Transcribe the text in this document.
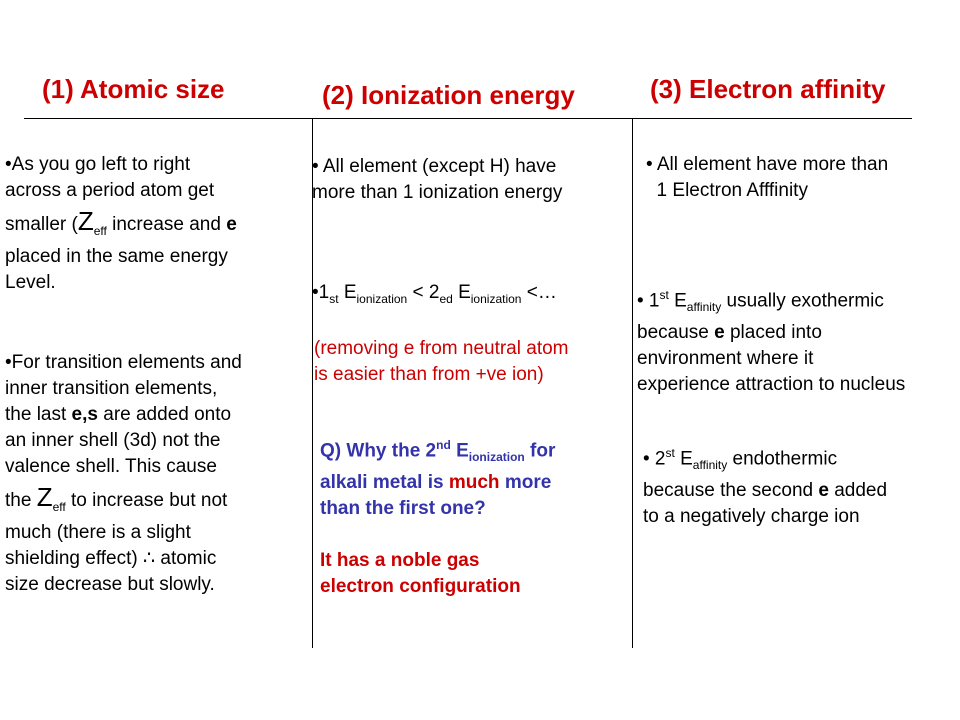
(1) Atomic size	(2) Ionization energy	(3) Electron affinity
•As you go left to right
across a period atom get
smaller ($Z_{eff}$ increase and e
placed in the same energy
Level.
•For transition elements and
inner transition elements,
the last e,s are added onto
an inner shell (3d) not the
valence shell. This cause
the $Z_{eff}$ to increase but not
much (there is a slight
shielding effect) ∴ atomic
size decrease but slowly.
• All element (except H) have
more than 1 ionization energy
$•1_{st}$ $E_{ionization} < 2_{ed}$ $E_{ionization}$ <…
(removing e from neutral atom
is easier than from +ve ion)
Q) Why the 2nd $E_{ionization}$ for
alkali metal is much more
than the first one?
It has a noble gas
electron configuration
• All element have more than
1 Electron Afffinity
• 1st $E_{affinity}$ usually exothermic
because e placed into
environment where it
experience attraction to nucleus
• 2st $E_{affinity}$ endothermic
because the second e added
to a negatively charge ion
